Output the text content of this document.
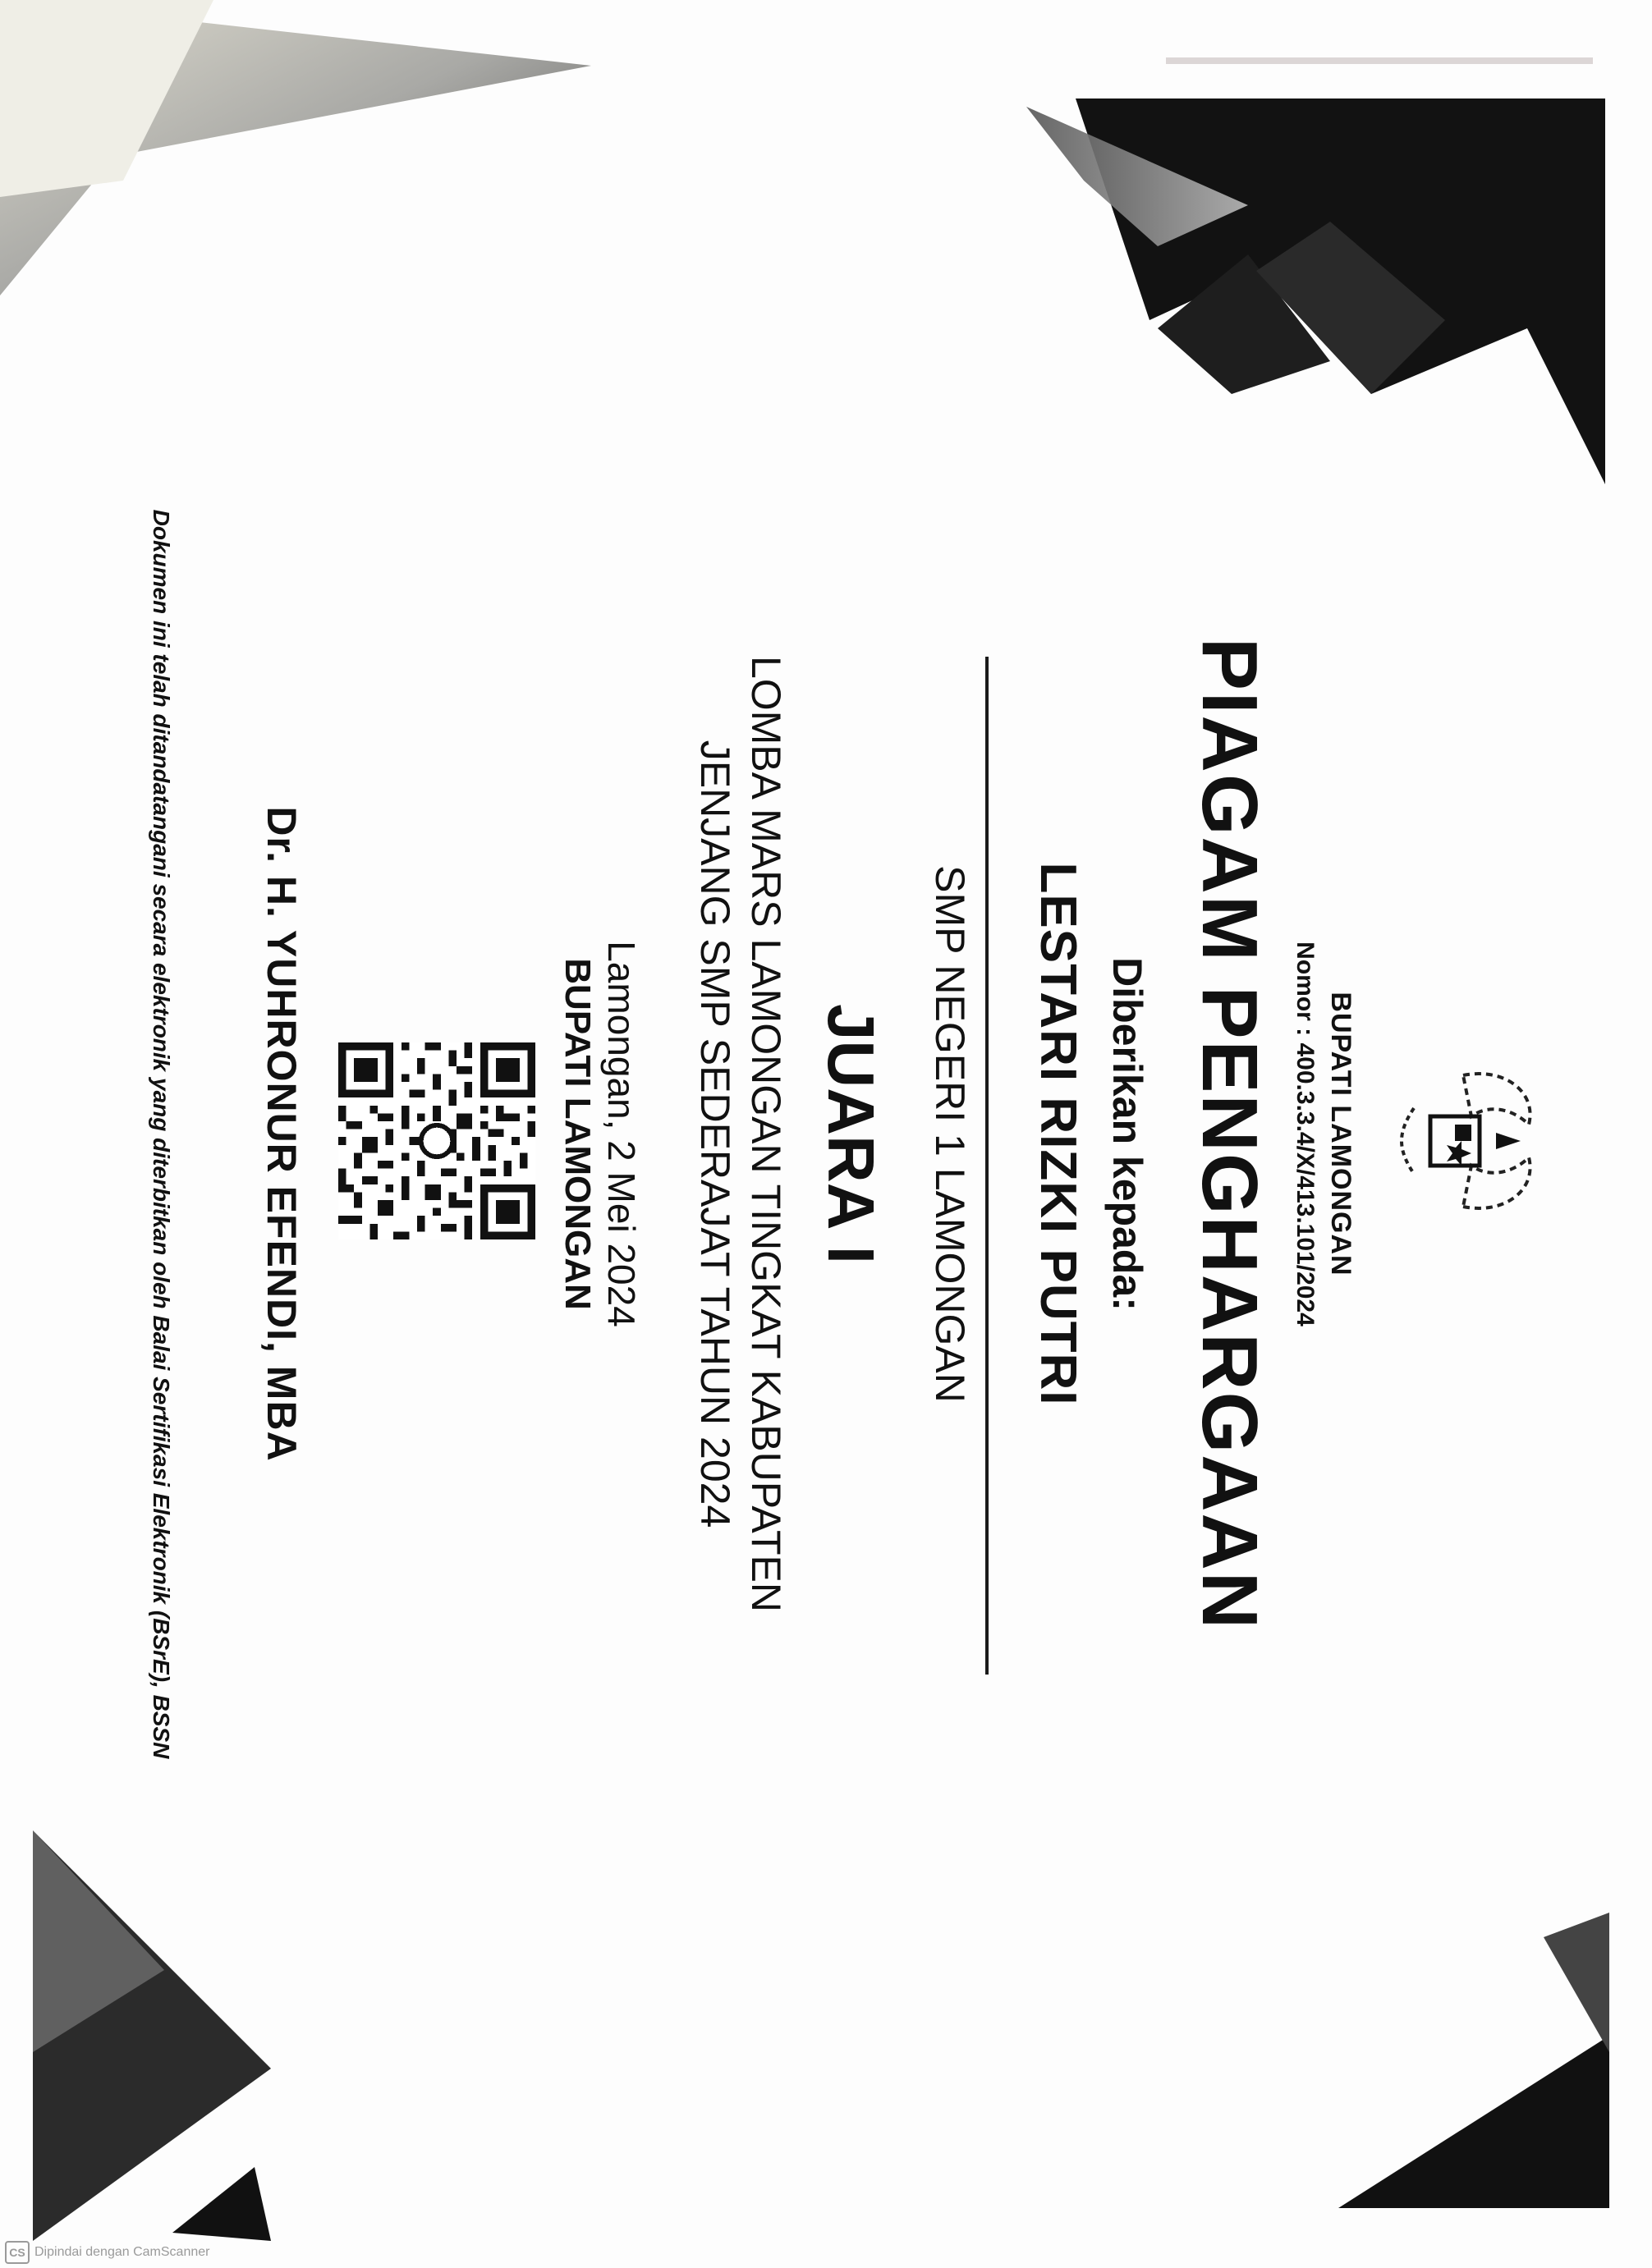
BUPATI LAMONGAN
Nomor : 400.3.3.4/X/413.101/2024
PIAGAM PENGHARGAAN
Diberikan kepada:
LESTARI RIZKI PUTRI
SMP NEGERI 1 LAMONGAN
JUARA I
LOMBA MARS LAMONGAN TINGKAT KABUPATEN
JENJANG SMP SEDERAJAT TAHUN 2024
Lamongan, 2 Mei 2024
BUPATI LAMONGAN
Dr. H. YUHRONUR EFENDI, MBA
Dokumen ini telah ditandatangani secara elektronik yang diterbitkan oleh Balai Sertifikasi Elektronik (BSrE), BSSN
CS Dipindai dengan CamScanner
